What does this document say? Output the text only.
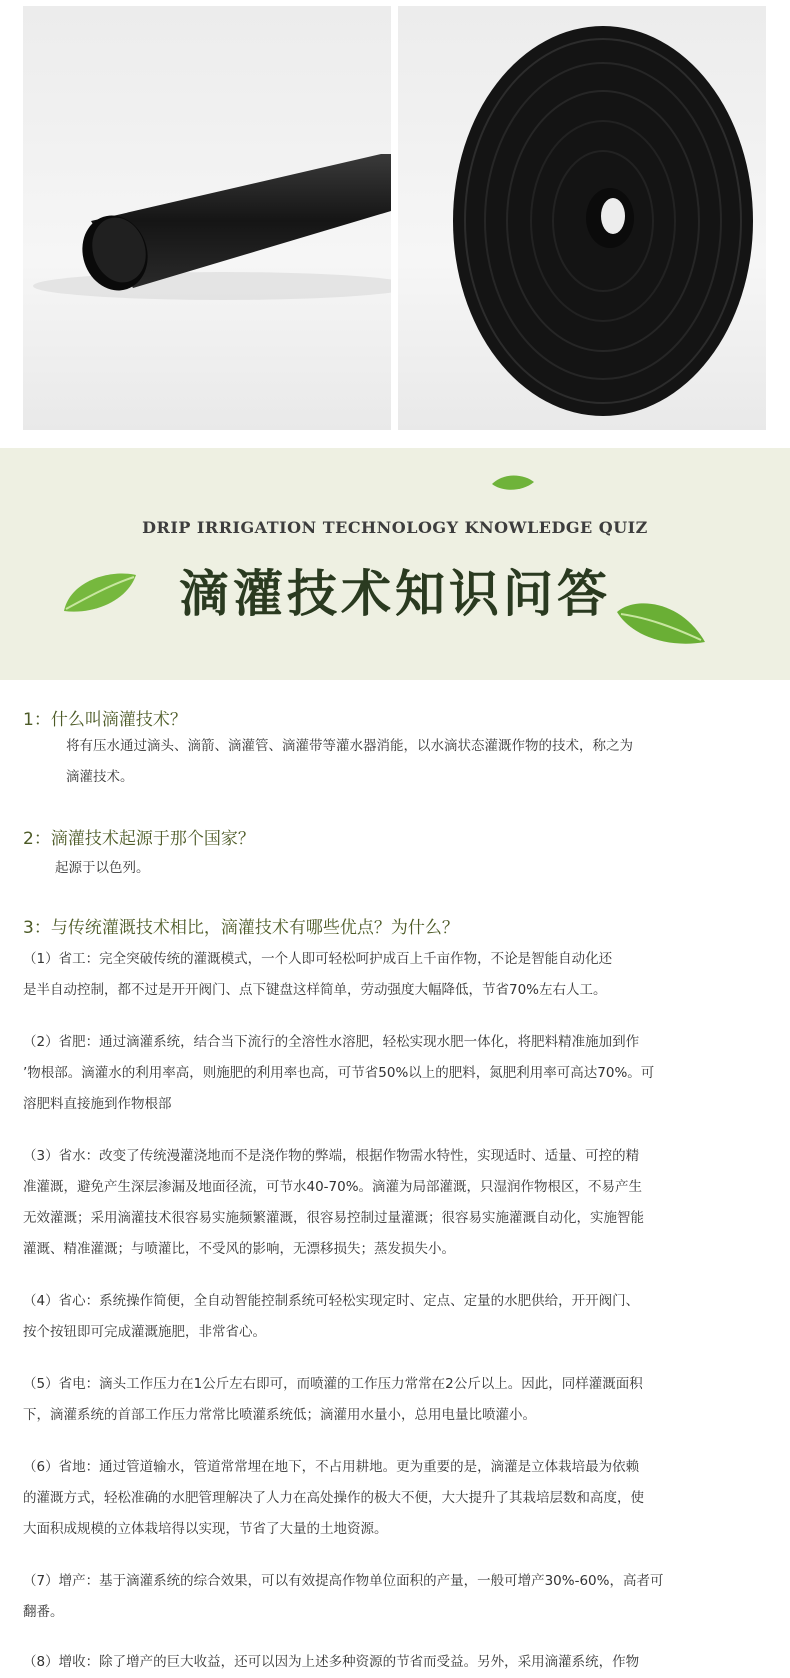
DRIP IRRIGATION TECHNOLOGY KNOWLEDGE QUIZ
滴灌技术知识问答
1：什么叫滴灌技术？
将有压水通过滴头、滴箭、滴灌管、滴灌带等灌水器消能，以水滴状态灌溉作物的技术，称之为
滴灌技术。
2：滴灌技术起源于那个国家？
起源于以色列。
3：与传统灌溉技术相比，滴灌技术有哪些优点？为什么？
（1）省工：完全突破传统的灌溉模式，一个人即可轻松呵护成百上千亩作物，不论是智能自动化还
是半自动控制，都不过是开开阀门、点下键盘这样简单，劳动强度大幅降低，节省70%左右人工。
（2）省肥：通过滴灌系统，结合当下流行的全溶性水溶肥，轻松实现水肥一体化，将肥料精准施加到作
’物根部。滴灌水的利用率高，则施肥的利用率也高，可节省50%以上的肥料，氮肥利用率可高达70%。可
溶肥料直接施到作物根部
（3）省水：改变了传统漫灌浇地而不是浇作物的弊端，根据作物需水特性，实现适时、适量、可控的精
准灌溉，避免产生深层渗漏及地面径流，可节水40-70%。滴灌为局部灌溉，只湿润作物根区，不易产生
无效灌溉；采用滴灌技术很容易实施频繁灌溉，很容易控制过量灌溉；很容易实施灌溉自动化，实施智能
灌溉、精准灌溉；与喷灌比，不受风的影响，无漂移损失；蒸发损失小。
（4）省心：系统操作简便，全自动智能控制系统可轻松实现定时、定点、定量的水肥供给，开开阀门、
按个按钮即可完成灌溉施肥，非常省心。
（5）省电：滴头工作压力在1公斤左右即可，而喷灌的工作压力常常在2公斤以上。因此，同样灌溉面积
下，滴灌系统的首部工作压力常常比喷灌系统低；滴灌用水量小，总用电量比喷灌小。
（6）省地：通过管道输水，管道常常埋在地下，不占用耕地。更为重要的是，滴灌是立体栽培最为依赖
的灌溉方式，轻松准确的水肥管理解决了人力在高处操作的极大不便，大大提升了其栽培层数和高度，使
大面积成规模的立体栽培得以实现，节省了大量的土地资源。
（7）增产：基于滴灌系统的综合效果，可以有效提高作物单位面积的产量，一般可增产30%-60%，高者可
翻番。
（8）增收：除了增产的巨大收益，还可以因为上述多种资源的节省而受益。另外，采用滴灌系统，作物
